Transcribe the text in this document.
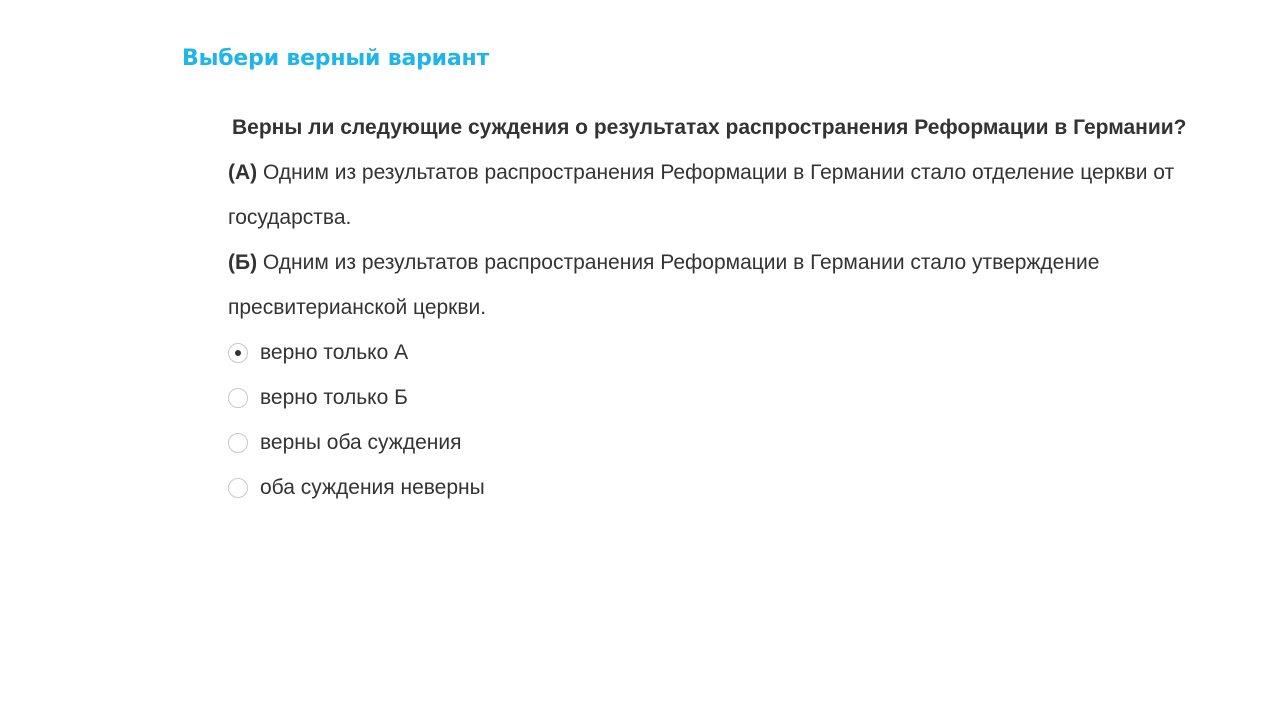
Выбери верный вариант

Верны ли следующие суждения о результатах распространения Реформации в Германии?

(А) Одним из результатов распространения Реформации в Германии стало отделение церкви от государства.

(Б) Одним из результатов распространения Реформации в Германии стало утверждение пресвитерианской церкви.

верно только А
верно только Б
верны оба суждения
оба суждения неверны
